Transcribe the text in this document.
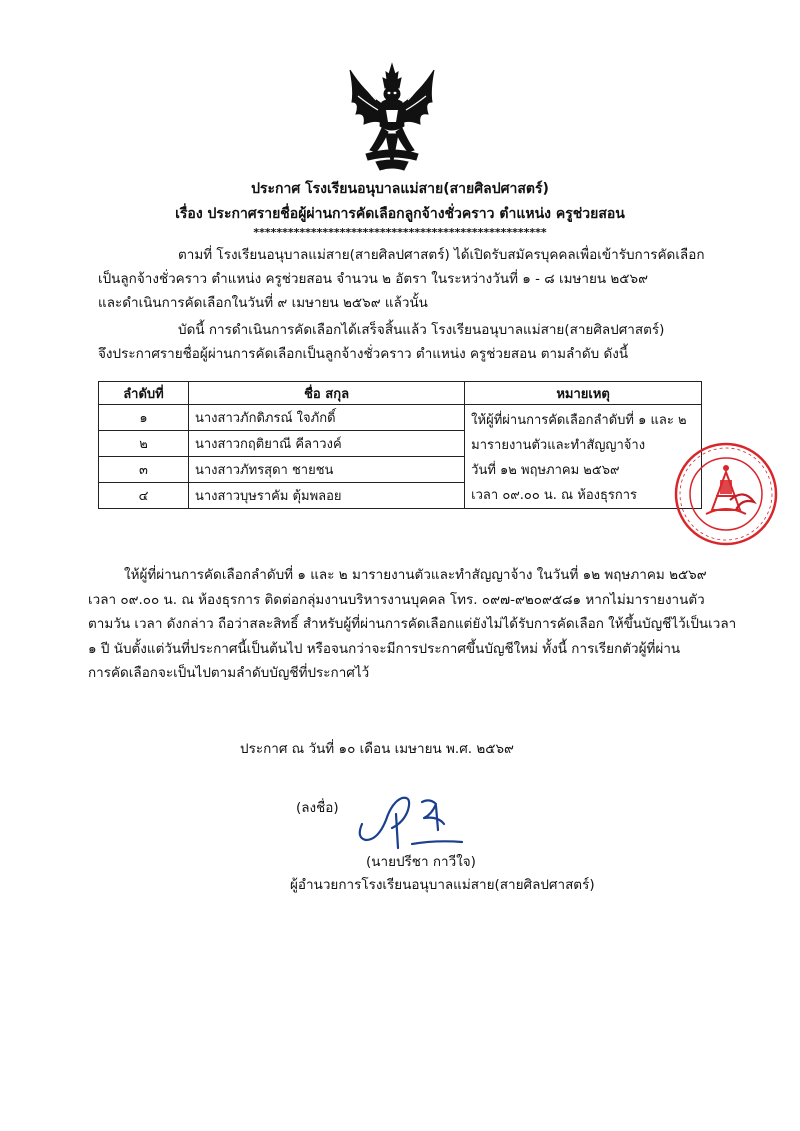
ประกาศ โรงเรียนอนุบาลแม่สาย(สายศิลปศาสตร์)
เรื่อง ประกาศรายชื่อผู้ผ่านการคัดเลือกลูกจ้างชั่วคราว ตำแหน่ง ครูช่วยสอน
***************************************************
ตามที่ โรงเรียนอนุบาลแม่สาย(สายศิลปศาสตร์) ได้เปิดรับสมัครบุคคลเพื่อเข้ารับการคัดเลือก
เป็นลูกจ้างชั่วคราว ตำแหน่ง ครูช่วยสอน จำนวน ๒ อัตรา ในระหว่างวันที่ ๑ - ๘ เมษายน ๒๕๖๙
และดำเนินการคัดเลือกในวันที่ ๙ เมษายน ๒๕๖๙ แล้วนั้น
บัดนี้ การดำเนินการคัดเลือกได้เสร็จสิ้นแล้ว โรงเรียนอนุบาลแม่สาย(สายศิลปศาสตร์)
จึงประกาศรายชื่อผู้ผ่านการคัดเลือกเป็นลูกจ้างชั่วคราว ตำแหน่ง ครูช่วยสอน ตามลำดับ ดังนี้
ลำดับที่	ชื่อ สกุล	หมายเหตุ
๑	นางสาวภักดิภรณ์ ใจภักดิ์	ให้ผู้ที่ผ่านการคัดเลือกลำดับที่ ๑ และ ๒
มารายงานตัวและทำสัญญาจ้าง
วันที่ ๑๒ พฤษภาคม ๒๕๖๙
เวลา ๐๙.๐๐ น. ณ ห้องธุรการ

๒	นางสาวกฤติยาณี คีลาวงค์	
๓	นางสาวภัทรสุดา ชายชน	
๔	นางสาวบุษราคัม ตุ้มพลอย	
ให้ผู้ที่ผ่านการคัดเลือกลำดับที่ ๑ และ ๒ มารายงานตัวและทำสัญญาจ้าง ในวันที่ ๑๒ พฤษภาคม ๒๕๖๙
เวลา ๐๙.๐๐ น. ณ ห้องธุรการ ติดต่อกลุ่มงานบริหารงานบุคคล โทร. ๐๙๗-๙๒๐๙๕๘๑ หากไม่มารายงานตัว
ตามวัน เวลา ดังกล่าว ถือว่าสละสิทธิ์ สำหรับผู้ที่ผ่านการคัดเลือกแต่ยังไม่ได้รับการคัดเลือก ให้ขึ้นบัญชีไว้เป็นเวลา
๑ ปี นับตั้งแต่วันที่ประกาศนี้เป็นต้นไป หรือจนกว่าจะมีการประกาศขึ้นบัญชีใหม่ ทั้งนี้ การเรียกตัวผู้ที่ผ่าน
การคัดเลือกจะเป็นไปตามลำดับบัญชีที่ประกาศไว้
ประกาศ ณ วันที่ ๑๐ เดือน เมษายน พ.ศ. ๒๕๖๙
(ลงชื่อ)
(นายปรีชา กาวีใจ)
ผู้อำนวยการโรงเรียนอนุบาลแม่สาย(สายศิลปศาสตร์)
